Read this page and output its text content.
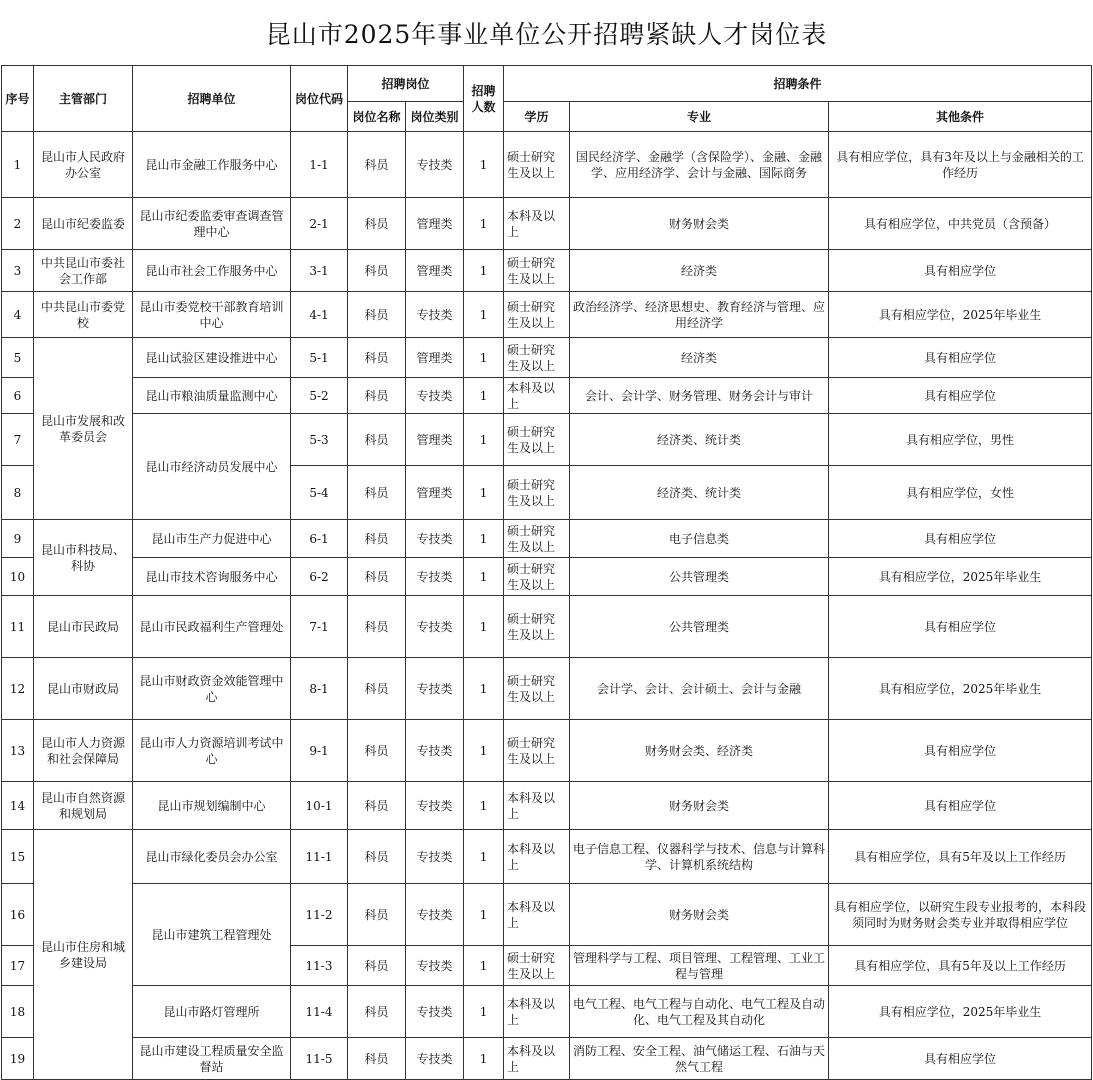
昆山市2025年事业单位公开招聘紧缺人才岗位表
序号	主管部门	招聘单位	岗位代码	招聘岗位		招聘人数	招聘条件		
				岗位名称	岗位类别		学历	专业	其他条件
1	昆山市人民政府办公室	昆山市金融工作服务中心	1-1	科员	专技类	1	硕士研究生及以上	国民经济学、金融学（含保险学）、金融、金融学、应用经济学、会计与金融、国际商务	具有相应学位，具有3年及以上与金融相关的工作经历
2	昆山市纪委监委	昆山市纪委监委审查调查管理中心	2-1	科员	管理类	1	本科及以上	财务财会类	具有相应学位，中共党员（含预备）
3	中共昆山市委社会工作部	昆山市社会工作服务中心	3-1	科员	管理类	1	硕士研究生及以上	经济类	具有相应学位
4	中共昆山市委党校	昆山市委党校干部教育培训中心	4-1	科员	专技类	1	硕士研究生及以上	政治经济学、经济思想史、教育经济与管理、应用经济学	具有相应学位，2025年毕业生
5	昆山市发展和改革委员会	昆山试验区建设推进中心	5-1	科员	管理类	1	硕士研究生及以上	经济类	具有相应学位
6		昆山市粮油质量监测中心	5-2	科员	专技类	1	本科及以上	会计、会计学、财务管理、财务会计与审计	具有相应学位
7		昆山市经济动员发展中心	5-3	科员	管理类	1	硕士研究生及以上	经济类、统计类	具有相应学位，男性
8			5-4	科员	管理类	1	硕士研究生及以上	经济类、统计类	具有相应学位，女性
9	昆山市科技局、科协	昆山市生产力促进中心	6-1	科员	专技类	1	硕士研究生及以上	电子信息类	具有相应学位
10		昆山市技术咨询服务中心	6-2	科员	专技类	1	硕士研究生及以上	公共管理类	具有相应学位，2025年毕业生
11	昆山市民政局	昆山市民政福利生产管理处	7-1	科员	专技类	1	硕士研究生及以上	公共管理类	具有相应学位
12	昆山市财政局	昆山市财政资金效能管理中心	8-1	科员	专技类	1	硕士研究生及以上	会计学、会计、会计硕士、会计与金融	具有相应学位，2025年毕业生
13	昆山市人力资源和社会保障局	昆山市人力资源培训考试中心	9-1	科员	专技类	1	硕士研究生及以上	财务财会类、经济类	具有相应学位
14	昆山市自然资源和规划局	昆山市规划编制中心	10-1	科员	专技类	1	本科及以上	财务财会类	具有相应学位
15	昆山市住房和城乡建设局	昆山市绿化委员会办公室	11-1	科员	专技类	1	本科及以上	电子信息工程、仪器科学与技术、信息与计算科学、计算机系统结构	具有相应学位，具有5年及以上工作经历
16		昆山市建筑工程管理处	11-2	科员	专技类	1	本科及以上	财务财会类	具有相应学位，以研究生段专业报考的，本科段须同时为财务财会类专业并取得相应学位
17			11-3	科员	专技类	1	硕士研究生及以上	管理科学与工程、项目管理、工程管理、工业工程与管理	具有相应学位，具有5年及以上工作经历
18		昆山市路灯管理所	11-4	科员	专技类	1	本科及以上	电气工程、电气工程与自动化、电气工程及自动化、电气工程及其自动化	具有相应学位，2025年毕业生
19		昆山市建设工程质量安全监督站	11-5	科员	专技类	1	本科及以上	消防工程、安全工程、油气储运工程、石油与天然气工程	具有相应学位
